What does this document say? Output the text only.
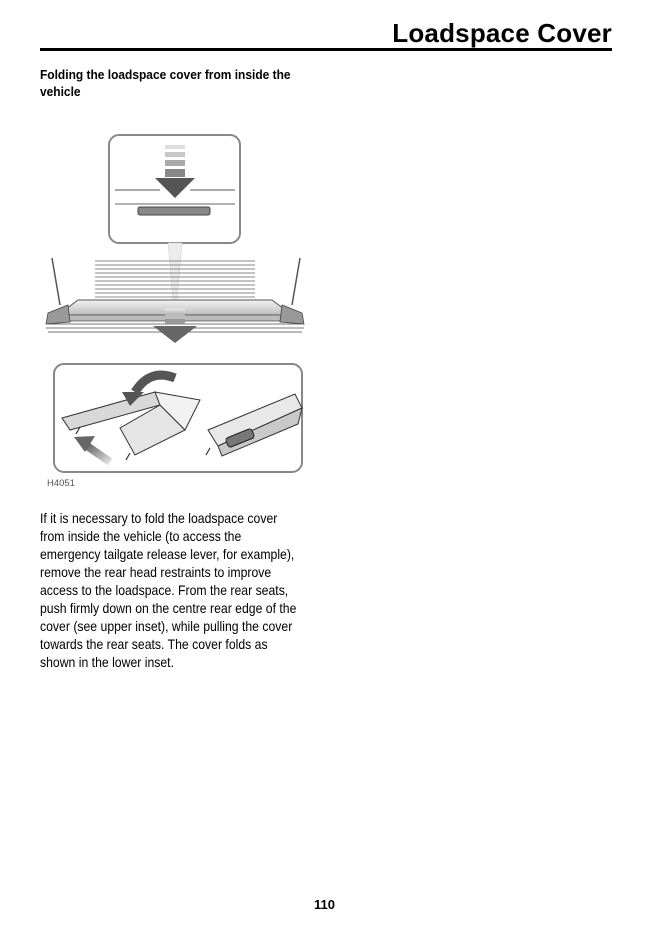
Loadspace Cover
Folding the loadspace cover from inside the vehicle
H4051
If it is necessary to fold the loadspace cover from inside the vehicle (to access the emergency tailgate release lever, for example), remove the rear head restraints to improve access to the loadspace. From the rear seats, push firmly down on the centre rear edge of the cover (see upper inset), while pulling the cover towards the rear seats. The cover folds as shown in the lower inset.
110
